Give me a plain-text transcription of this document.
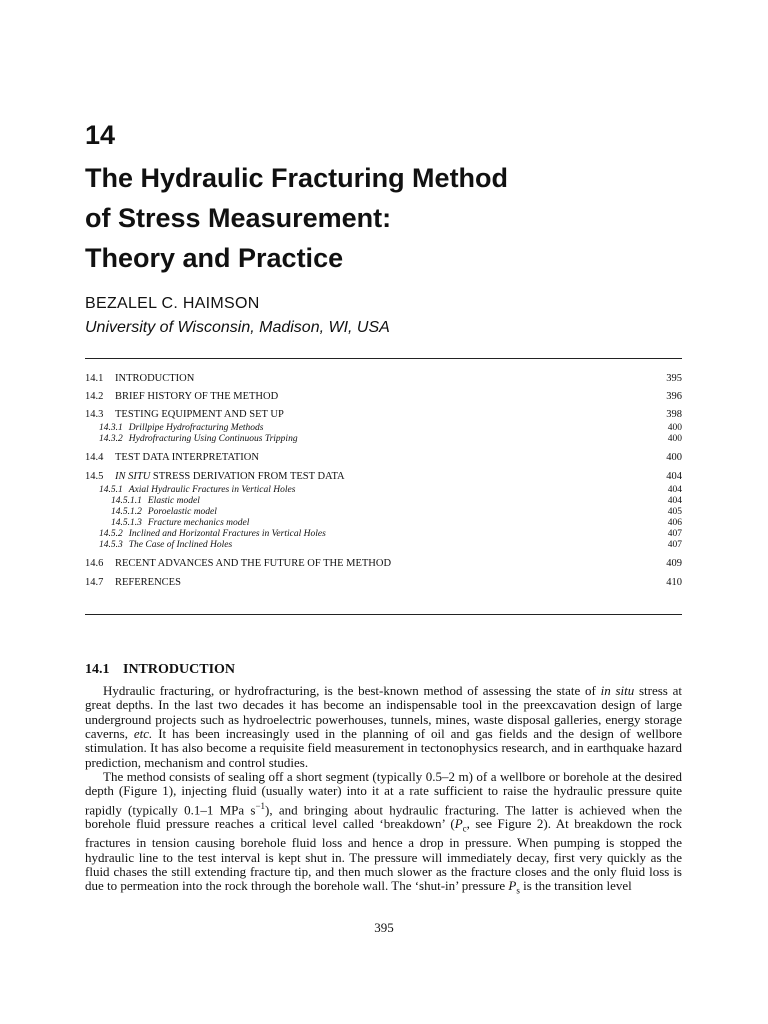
14
The Hydraulic Fracturing Method
of Stress Measurement:
Theory and Practice
BEZALEL C. HAIMSON
University of Wisconsin, Madison, WI, USA
14.1 INTRODUCTION	395
14.2 BRIEF HISTORY OF THE METHOD	396
14.3 TESTING EQUIPMENT AND SET UP	398
14.3.1 Drillpipe Hydrofracturing Methods	400
14.3.2 Hydrofracturing Using Continuous Tripping	400
14.4 TEST DATA INTERPRETATION	400
14.5 IN SITU STRESS DERIVATION FROM TEST DATA	404
14.5.1 Axial Hydraulic Fractures in Vertical Holes	404
14.5.1.1 Elastic model	404
14.5.1.2 Poroelastic model	405
14.5.1.3 Fracture mechanics model	406
14.5.2 Inclined and Horizontal Fractures in Vertical Holes	407
14.5.3 The Case of Inclined Holes	407
14.6 RECENT ADVANCES AND THE FUTURE OF THE METHOD	409
14.7 REFERENCES	410
14.1 INTRODUCTION

Hydraulic fracturing, or hydrofracturing, is the best-known method of assessing the state of in situ stress at great depths. In the last two decades it has become an indispensable tool in the preexcavation design of large underground projects such as hydroelectric powerhouses, tunnels, mines, waste disposal galleries, energy storage caverns, etc. It has been increasingly used in the planning of oil and gas fields and the design of wellbore stimulation. It has also become a requisite field measurement in tectonophysics research, and in earthquake hazard prediction, mechanism and control studies.

The method consists of sealing off a short segment (typically 0.5–2 m) of a wellbore or borehole at the desired depth (Figure 1), injecting fluid (usually water) into it at a rate sufficient to raise the hydraulic pressure quite rapidly (typically 0.1–1 MPa $s^{-1}$), and bringing about hydraulic fracturing. The latter is achieved when the borehole fluid pressure reaches a critical level called ‘breakdown’ ($P_c$, see Figure 2). At breakdown the rock fractures in tension causing borehole fluid loss and hence a drop in pressure. When pumping is stopped the hydraulic line to the test interval is kept shut in. The pressure will immediately decay, first very quickly as the fluid chases the still extending fracture tip, and then much slower as the fracture closes and the only fluid loss is due to permeation into the rock through the borehole wall. The ‘shut-in’ pressure $P_s$ is the transition level

395
